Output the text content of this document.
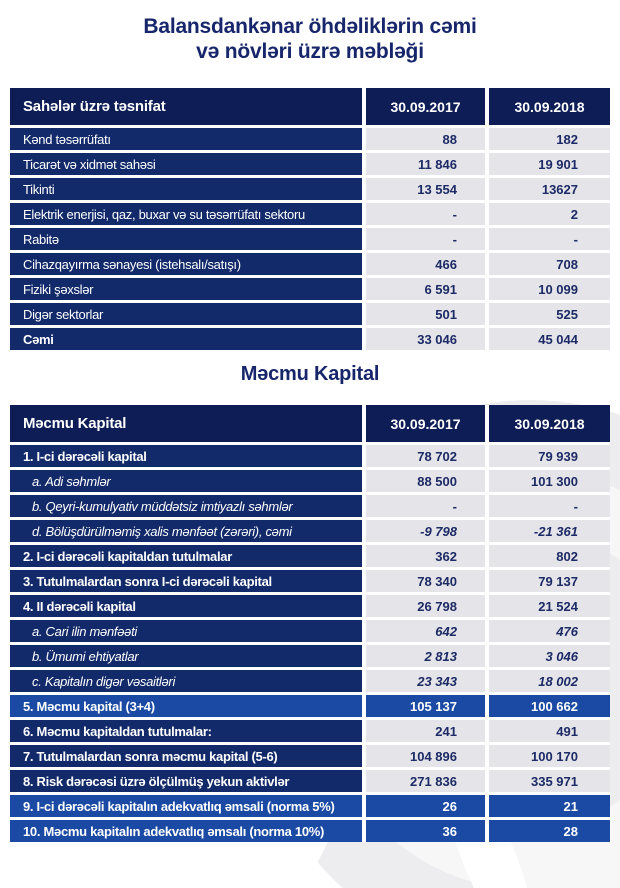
Balansdankənar öhdəliklərin cəmi
və növləri üzrə məbləği
Sahələr üzrə təsnifat	30.09.2017	30.09.2018
Kənd təsərrüfatı	88	182
Ticarət və xidmət sahəsi	11 846	19 901
Tikinti	13 554	13627
Elektrik enerjisi, qaz, buxar və su təsərrüfatı sektoru	-	2
Rabitə	-	-
Cihazqayırma sənayesi (istehsalı/satışı)	466	708
Fiziki şəxslər	6 591	10 099
Digər sektorlar	501	525
Cəmi	33 046	45 044
Məcmu Kapital
Məcmu Kapital	30.09.2017	30.09.2018
1. I-ci dərəcəli kapital	78 702	79 939
a. Adi səhmlər	88 500	101 300
b. Qeyri-kumulyativ müddətsiz imtiyazlı səhmlər	-	-
d. Bölüşdürülməmiş xalis mənfəət (zərəri), cəmi	-9 798	-21 361
2. I-ci dərəcəli kapitaldan tutulmalar	362	802
3. Tutulmalardan sonra I-ci dərəcəli kapital	78 340	79 137
4. II dərəcəli kapital	26 798	21 524
a. Cari ilin mənfəəti	642	476
b. Ümumi ehtiyatlar	2 813	3 046
c. Kapitalın digər vəsaitləri	23 343	18 002
5. Məcmu kapital (3+4)	105 137	100 662
6. Məcmu kapitaldan tutulmalar:	241	491
7. Tutulmalardan sonra məcmu kapital (5-6)	104 896	100 170
8. Risk dərəcəsi üzrə ölçülmüş yekun aktivlər	271 836	335 971
9. I-ci dərəcəli kapitalın adekvatlıq əmsali (norma 5%)	26	21
10. Məcmu kapitalın adekvatlıq əmsalı (norma 10%)	36	28
